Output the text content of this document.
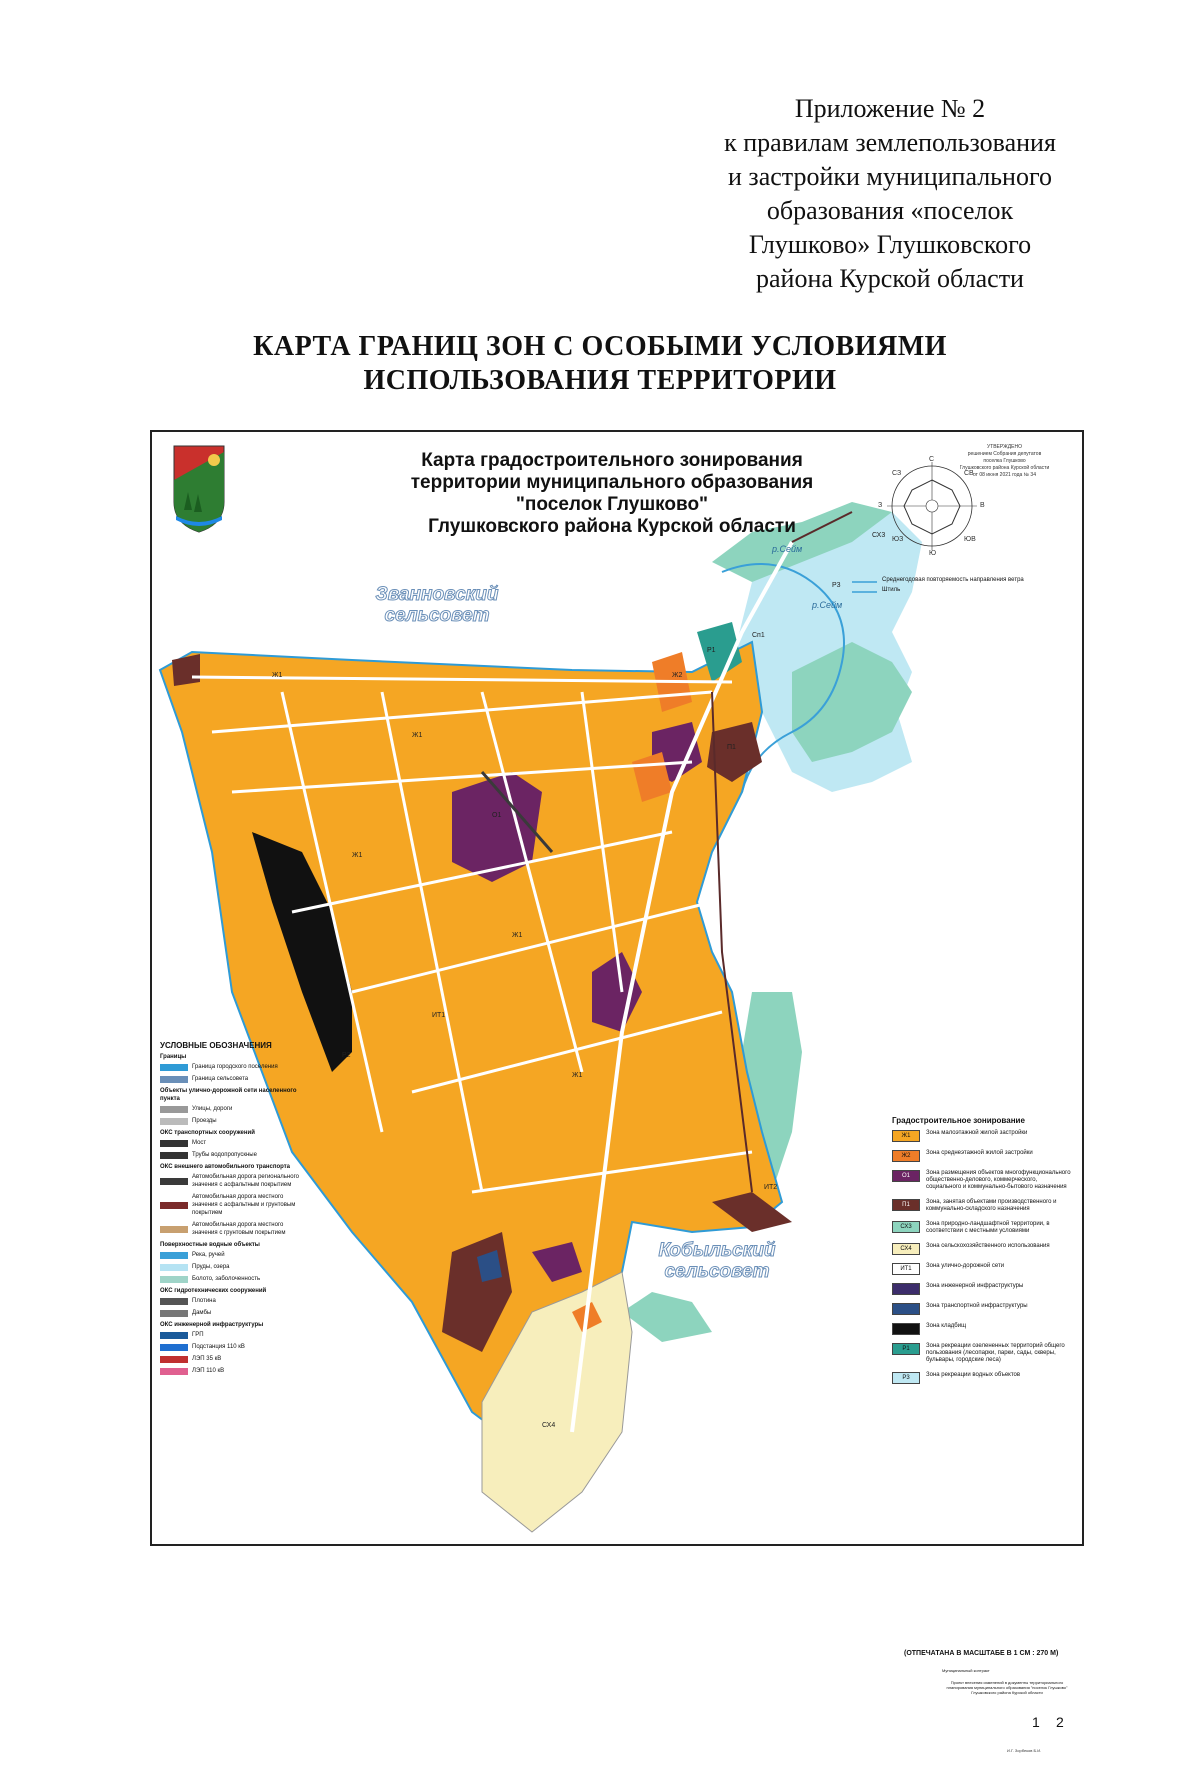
Приложение № 2
к правилам землепользования
и застройки муниципального
образования «поселок
Глушково» Глушковского
района Курской области
КАРТА ГРАНИЦ ЗОН С ОСОБЫМИ УСЛОВИЯМИ
ИСПОЛЬЗОВАНИЯ ТЕРРИТОРИИ
Карта градостроительного зонирования
территории муниципального образования
"поселок Глушково"
Глушковского района Курской области
УТВЕРЖДЕНО
решением Собрания депутатов
поселка Глушково
Глушковского района Курской области
от 08 июня 2021 года № 34
С
СВ
В
ЮВ
Ю
ЮЗ
З
СЗ
Среднегодовая повторяемость направления ветра
Штиль
Званновский
сельсовет
Кобыльский
сельсовет
р.Сейм
р.Сейм
Ж1
Ж1
Ж1
Ж1
Ж1
Ж2
О1
П1
Р1
Р2
Р3
СХ3
СХ4
ИТ1
ИТ2
Сп1
УСЛОВНЫЕ ОБОЗНАЧЕНИЯ
Границы
Граница городского поселения
Граница сельсовета
Объекты улично-дорожной сети населенного пункта
Улицы, дороги
Проезды
ОКС транспортных сооружений
Мост
Трубы водопропускные
ОКС внешнего автомобильного транспорта
Автомобильная дорога регионального значения с асфальтным покрытием
Автомобильная дорога местного значения с асфальтным и грунтовым покрытием
Автомобильная дорога местного значения с грунтовым покрытием
Поверхностные водные объекты
Река, ручей
Пруды, озера
Болото, заболоченность
ОКС гидротехнических сооружений
Плотина
Дамбы
ОКС инженерной инфраструктуры
ГРП
Подстанция 110 кВ
ЛЭП 35 кВ
ЛЭП 110 кВ
Градостроительное зонирование
Ж1	Зона малоэтажной жилой застройки
Ж2	Зона среднеэтажной жилой застройки
О1	Зона размещения объектов многофункционального общественно-делового, коммерческого, социального и коммунально-бытового назначения
П1	Зона, занятая объектами производственного и коммунально-складского назначения
СХ3	Зона природно-ландшафтной территории, в соответствии с местными условиями
СХ4	Зона сельскохозяйственного использования
ИТ1	Зона улично-дорожной сети
Зона инженерной инфраструктуры
Зона транспортной инфраструктуры
Зона кладбищ
Р1	Зона рекреации озелененных территорий общего пользования (лесопарки, парки, сады, скверы, бульвары, городские леса)
Р3	Зона рекреации водных объектов
(ОТПЕЧАТАНА В МАСШТАБЕ В 1 СМ : 270 М)
Муниципальный контракт
Проект внесения изменений в документы территориального планирования муниципального образования "поселок Глушково" Глушковского района Курской области
1 2
И.Г. Зорбеков Б.И.
